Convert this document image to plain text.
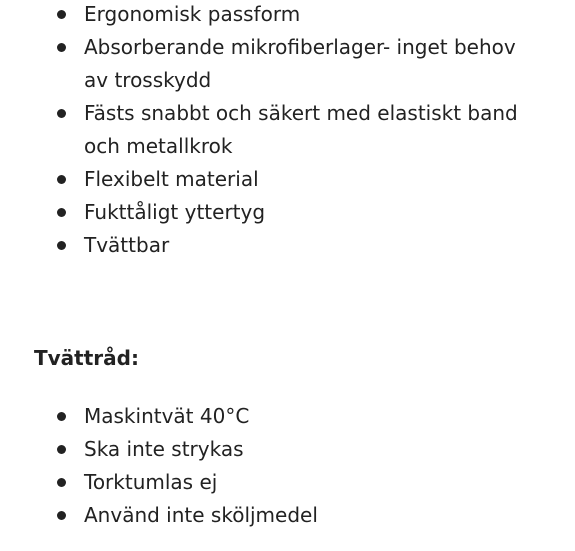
Ergonomisk passform
Absorberande mikrofiberlager- inget behov av trosskydd
Fästs snabbt och säkert med elastiskt band och metallkrok
Flexibelt material
Fukttåligt yttertyg
Tvättbar
Tvättråd:
Maskintvät 40°C
Ska inte strykas
Torktumlas ej
Använd inte sköljmedel
